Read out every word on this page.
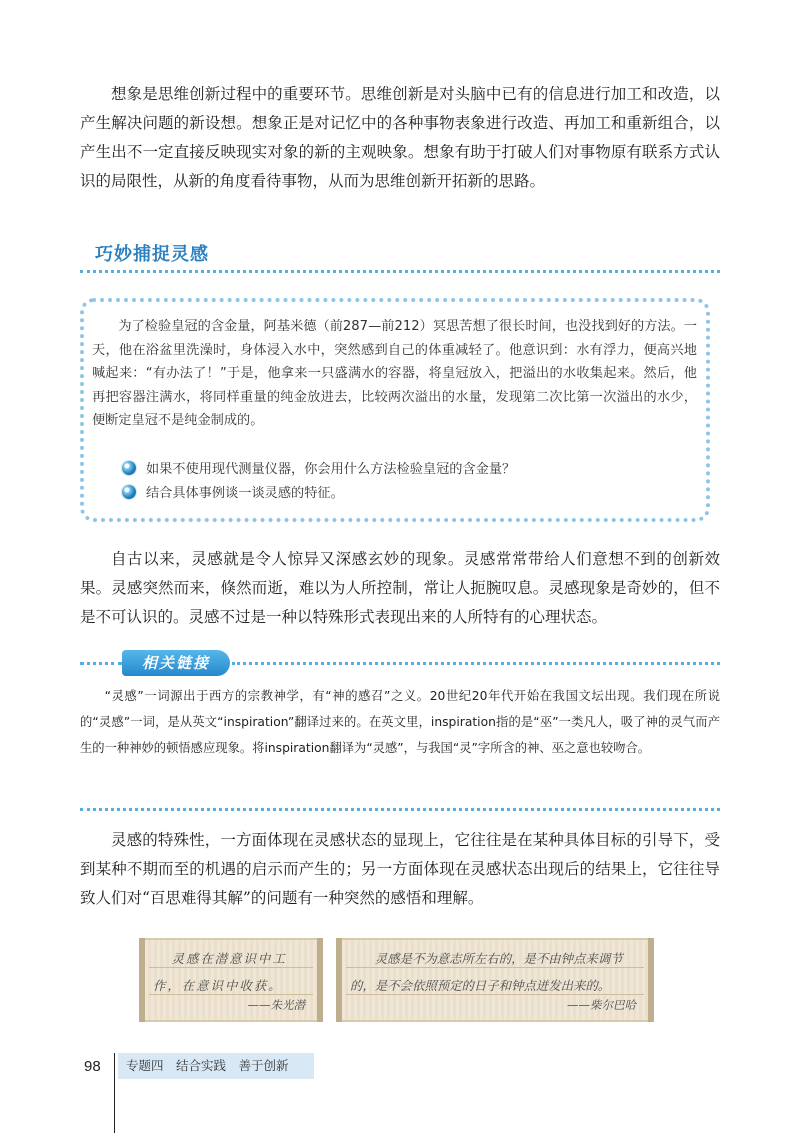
想象是思维创新过程中的重要环节。思维创新是对头脑中已有的信息进行加工和改造，以产生解决问题的新设想。想象正是对记忆中的各种事物表象进行改造、再加工和重新组合，以产生出不一定直接反映现实对象的新的主观映象。想象有助于打破人们对事物原有联系方式认识的局限性，从新的角度看待事物，从而为思维创新开拓新的思路。

巧妙捕捉灵感

为了检验皇冠的含金量，阿基米德（前287—前212）冥思苦想了很长时间，也没找到好的方法。一天，他在浴盆里洗澡时，身体浸入水中，突然感到自己的体重减轻了。他意识到：水有浮力，便高兴地喊起来：“有办法了！”于是，他拿来一只盛满水的容器，将皇冠放入，把溢出的水收集起来。然后，他再把容器注满水，将同样重量的纯金放进去，比较两次溢出的水量，发现第二次比第一次溢出的水少，便断定皇冠不是纯金制成的。

如果不使用现代测量仪器，你会用什么方法检验皇冠的含金量？
结合具体事例谈一谈灵感的特征。

自古以来，灵感就是令人惊异又深感玄妙的现象。灵感常常带给人们意想不到的创新效果。灵感突然而来，倏然而逝，难以为人所控制，常让人扼腕叹息。灵感现象是奇妙的，但不是不可认识的。灵感不过是一种以特殊形式表现出来的人所特有的心理状态。

相关链接

“灵感”一词源出于西方的宗教神学，有“神的感召”之义。20世纪20年代开始在我国文坛出现。我们现在所说的“灵感”一词，是从英文“inspiration”翻译过来的。在英文里，inspiration指的是“巫”一类凡人，吸了神的灵气而产生的一种神妙的顿悟感应现象。将inspiration翻译为“灵感”，与我国“灵”字所含的神、巫之意也较吻合。

灵感的特殊性，一方面体现在灵感状态的显现上，它往往是在某种具体目标的引导下，受到某种不期而至的机遇的启示而产生的；另一方面体现在灵感状态出现后的结果上，它往往导致人们对“百思难得其解”的问题有一种突然的感悟和理解。

灵感在潜意识中工作，在意识中收获。
——朱光潜
灵感是不为意志所左右的，是不由钟点来调节的，是不会依照预定的日子和钟点迸发出来的。
——柴尔巴哈
98	专题四　结合实践　善于创新
